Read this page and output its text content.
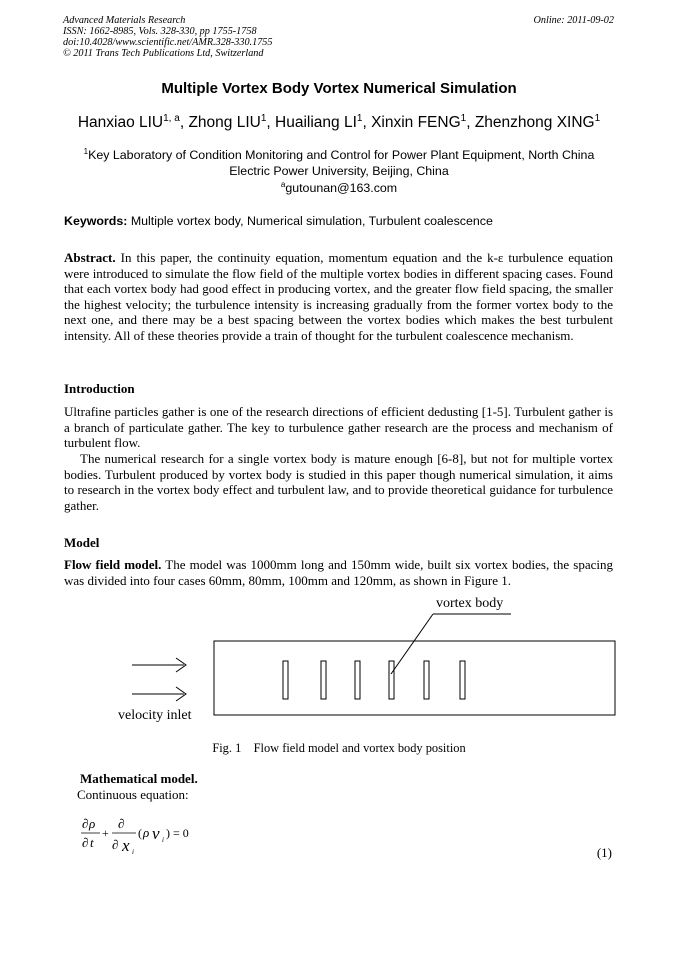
Advanced Materials Research
ISSN: 1662-8985, Vols. 328-330, pp 1755-1758
doi:10.4028/www.scientific.net/AMR.328-330.1755
© 2011 Trans Tech Publications Ltd, Switzerland
Online: 2011-09-02
Multiple Vortex Body Vortex Numerical Simulation
Hanxiao LIU$^{1, a}$, Zhong LIU$^1$, Huailiang $LI^1$, Xinxin FENG$^1$, Zhenzhong XING$^1$
$^1$Key Laboratory of Condition Monitoring and Control for Power Plant Equipment, North China Electric Power University, Beijing, China
$^a$gutounan@163.com
Keywords: Multiple vortex body, Numerical simulation, Turbulent coalescence
Abstract. In this paper, the continuity equation, momentum equation and the k-ε turbulence equation were introduced to simulate the flow field of the multiple vortex bodies in different spacing cases. Found that each vortex body had good effect in producing vortex, and the greater flow field spacing, the smaller the highest velocity; the turbulence intensity is increasing gradually from the former vortex body to the next one, and there may be a best spacing between the vortex bodies which makes the best turbulent intensity. All of these theories provide a train of thought for the turbulent coalescence mechanism.
Introduction
Ultrafine particles gather is one of the research directions of efficient dedusting [1-5]. Turbulent gather is a branch of particulate gather. The key to turbulence gather research are the process and mechanism of turbulent flow.
The numerical research for a single vortex body is mature enough [6-8], but not for multiple vortex bodies. Turbulent produced by vortex body is studied in this paper though numerical simulation, it aims to research in the vortex body effect and turbulent law, and to provide theoretical guidance for turbulence gather.
Model
Flow field model. The model was 1000mm long and 150mm wide, built six vortex bodies, the spacing was divided into four cases 60mm, 80mm, 100mm and 120mm, as shown in Figure 1.
vortex body
velocity inlet
Fig. 1    Flow field model and vortex body position
Mathematical model.
Continuous equation:
∂ ρ
∂ t
+
∂
∂ x i
( ρ v i ) = 0
(1)
